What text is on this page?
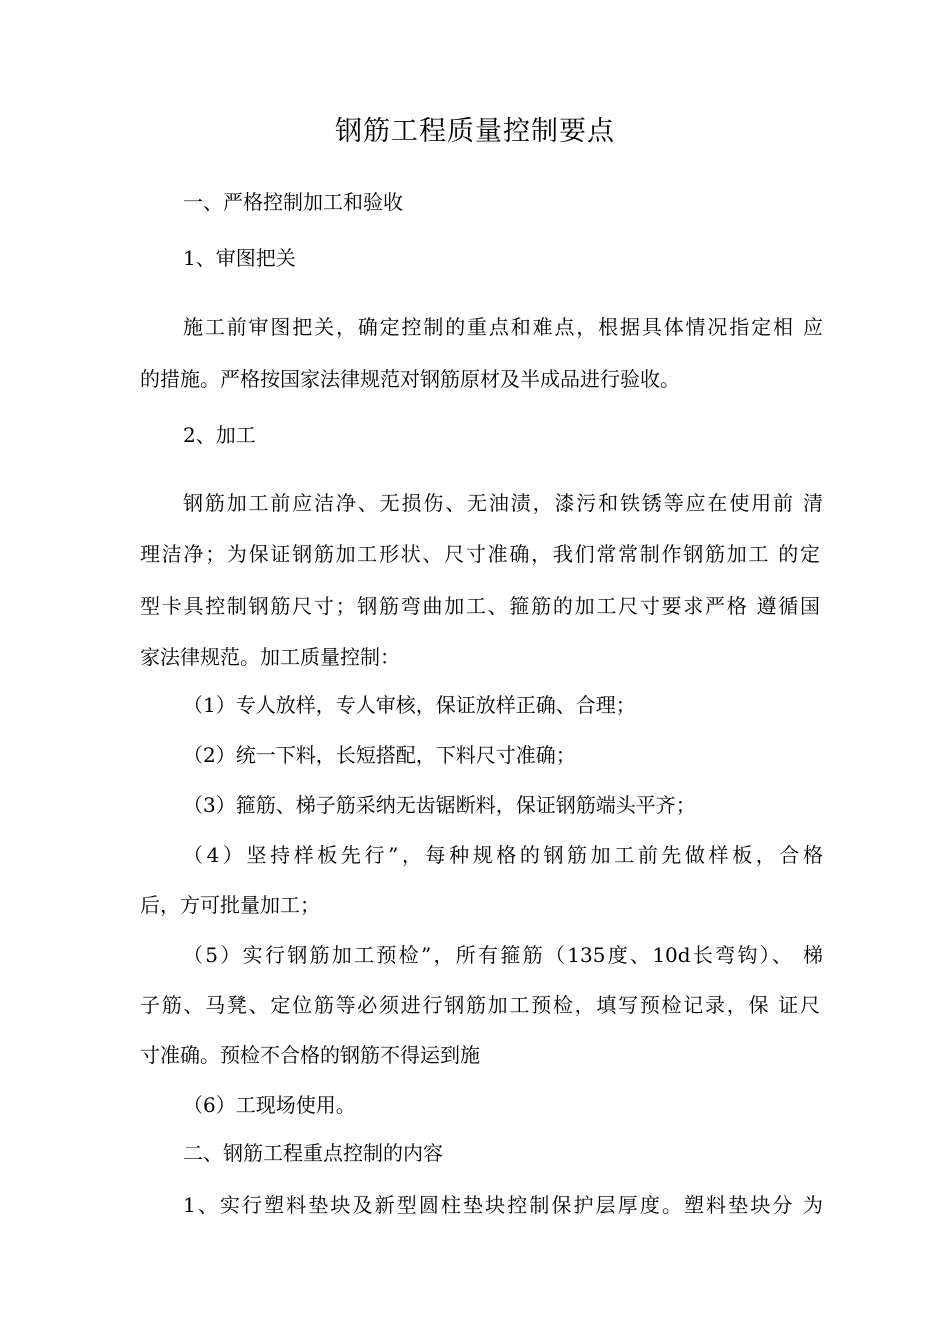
钢筋工程质量控制要点
一、严格控制加工和验收
1、审图把关
施工前审图把关，确定控制的重点和难点，根据具体情况指定相 应
的措施。严格按国家法律规范对钢筋原材及半成品进行验收。
2、加工
钢筋加工前应洁净、无损伤、无油渍，漆污和铁锈等应在使用前 清
理洁净；为保证钢筋加工形状、尺寸准确，我们常常制作钢筋加工 的定
型卡具控制钢筋尺寸；钢筋弯曲加工、箍筋的加工尺寸要求严格 遵循国
家法律规范。加工质量控制：
（1）专人放样，专人审核，保证放样正确、合理；
（2）统一下料，长短搭配，下料尺寸准确；
（3）箍筋、梯子筋采纳无齿锯断料，保证钢筋端头平齐；
（4）坚持样板先行”，每种规格的钢筋加工前先做样板，合格
后，方可批量加工；
（5）实行钢筋加工预检”，所有箍筋（135度、10d长弯钩）、 梯
子筋、马凳、定位筋等必须进行钢筋加工预检，填写预检记录，保 证尺
寸准确。预检不合格的钢筋不得运到施
（6）工现场使用。
二、钢筋工程重点控制的内容
1、实行塑料垫块及新型圆柱垫块控制保护层厚度。塑料垫块分 为
